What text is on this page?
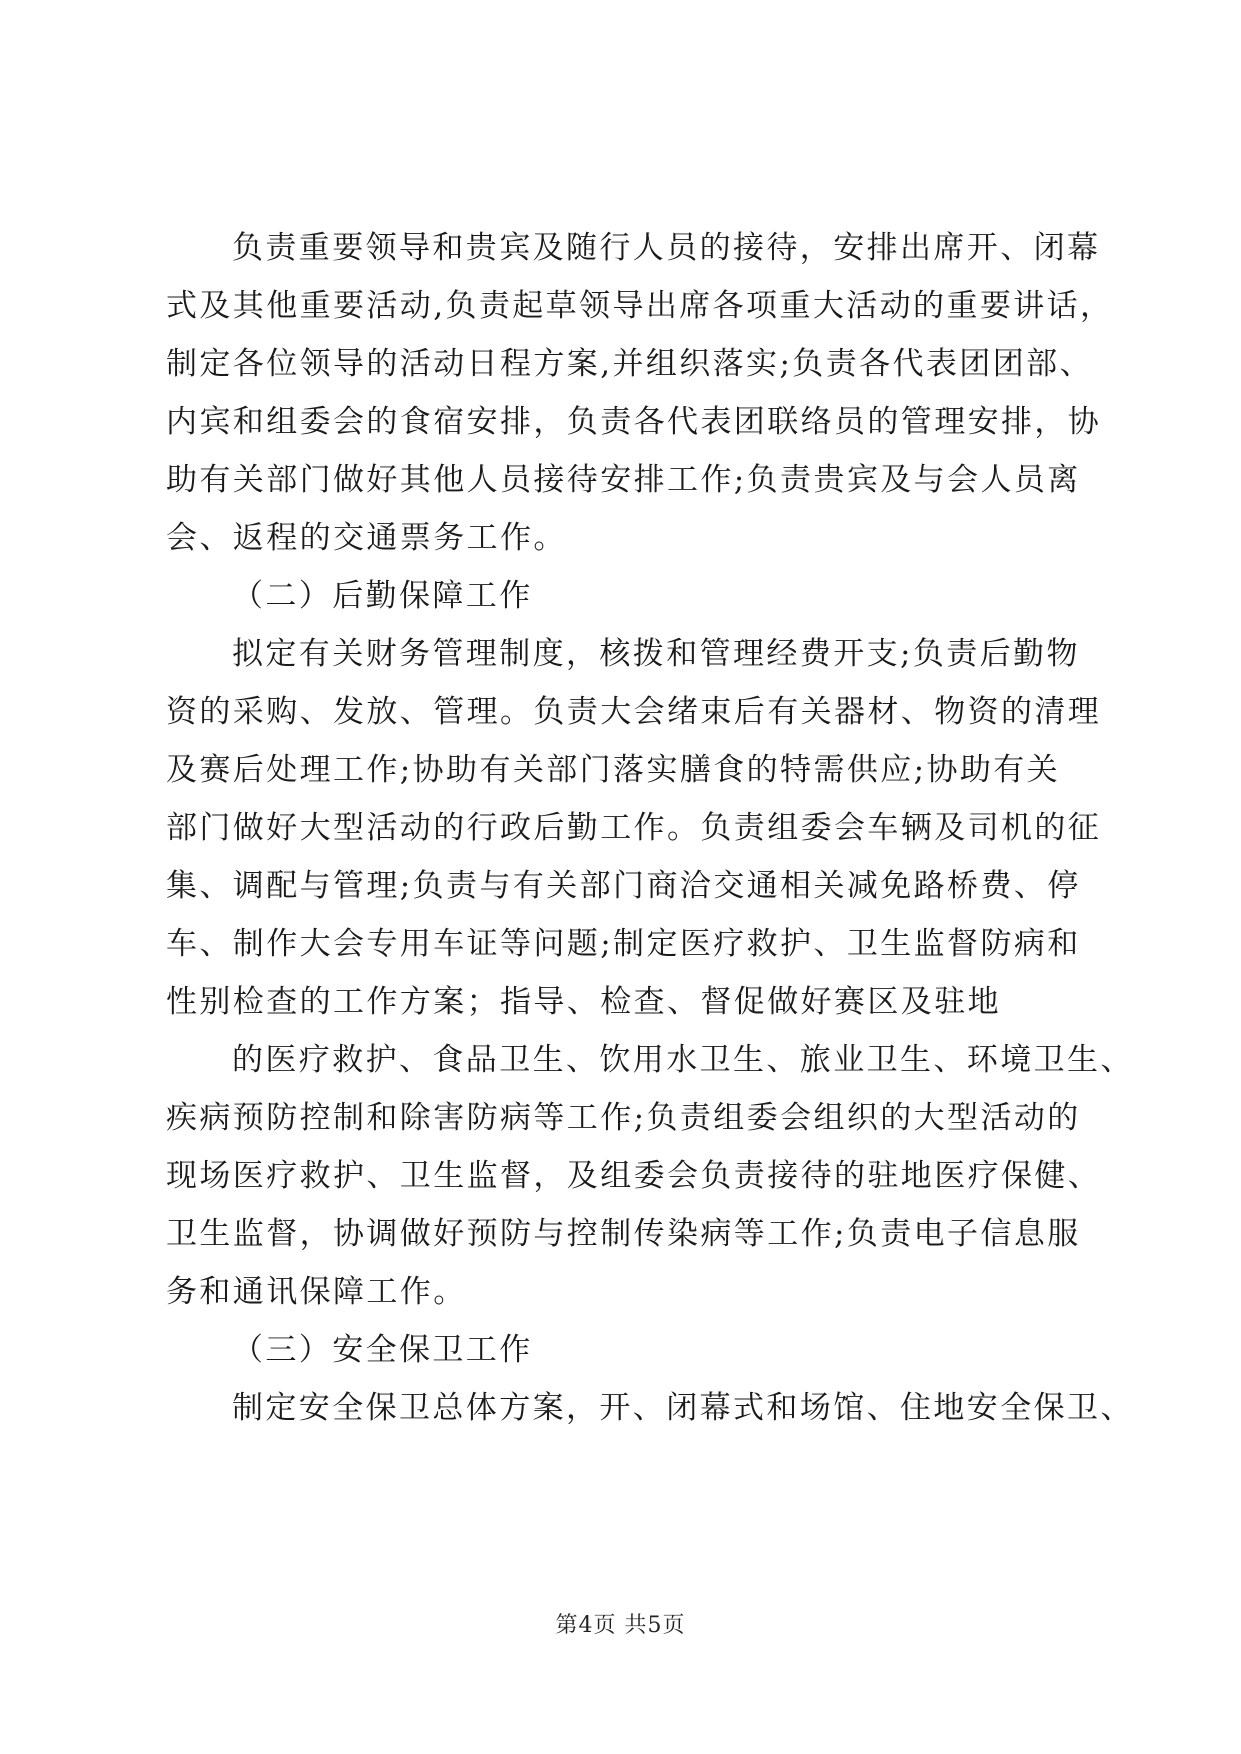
负责重要领导和贵宾及随行人员的接待，安排出席开、闭幕
式及其他重要活动,负责起草领导出席各项重大活动的重要讲话，
制定各位领导的活动日程方案,并组织落实;负责各代表团团部、
内宾和组委会的食宿安排，负责各代表团联络员的管理安排，协
助有关部门做好其他人员接待安排工作;负责贵宾及与会人员离
会、返程的交通票务工作。
（二）后勤保障工作
拟定有关财务管理制度，核拨和管理经费开支;负责后勤物
资的采购、发放、管理。负责大会绪束后有关器材、物资的清理
及赛后处理工作;协助有关部门落实膳食的特需供应;协助有关
部门做好大型活动的行政后勤工作。负责组委会车辆及司机的征
集、调配与管理;负责与有关部门商洽交通相关减免路桥费、停
车、制作大会专用车证等问题;制定医疗救护、卫生监督防病和
性别检查的工作方案；指导、检查、督促做好赛区及驻地
的医疗救护、食品卫生、饮用水卫生、旅业卫生、环境卫生、
疾病预防控制和除害防病等工作;负责组委会组织的大型活动的
现场医疗救护、卫生监督，及组委会负责接待的驻地医疗保健、
卫生监督，协调做好预防与控制传染病等工作;负责电子信息服
务和通讯保障工作。
（三）安全保卫工作
制定安全保卫总体方案，开、闭幕式和场馆、住地安全保卫、
第4页 共5页
